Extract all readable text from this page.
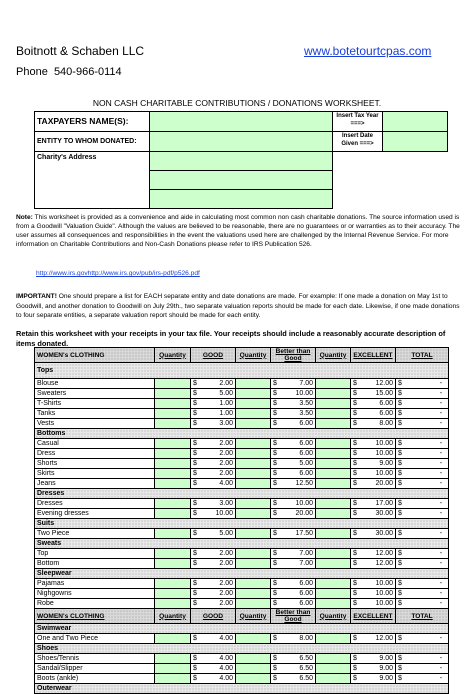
Boitnott & Schaben LLC	www.botetourtcpas.com
Phone 540-966-0114
NON CASH CHARITABLE CONTRIBUTIONS / DONATIONS WORKSHEET.
TAXPAYERS NAME(S):		Insert Tax Year ===>	
ENTITY TO WHOM DONATED:		Insert Date Given ===>	
Charity's Address			

Note: This worksheet is provided as a convenience and aide in calculating most common non cash charitable donations. The source information used is from a Goodwill "Valuation Guide". Although the values are believed to be reasonable, there are no guarantees or or warranties as to their accuracy. The user assumes all consequences and responsibilities in the event the valuations used here are challenged by the Internal Revenue Service. For more information on Charitable Contributions and Non-Cash Donations please refer to IRS Publication 526.
http://www.irs.govhttp://www.irs.gov/pub/irs-pdf/p526.pdf
IMPORTANT! One should prepare a list for EACH separate entity and date donations are made. For example: If one made a donation on May 1st to Goodwill, and another donation to Goodwill on July 29th., two separate valuation reports should be made for each date. Likewise, if one made donations to four separate entities, a separate valuation report should be made for each entity.
Retain this worksheet with your receipts in your tax file. Your receipts should include a reasonably accurate description of items donated.
WOMEN's CLOTHING	Quantity	GOOD	Quantity	Better than Good	Quantity	EXCELLENT	TOTAL
Tops							
Blouse		$ 2.00		$ 7.00		$ 12.00	$ -
Sweaters		$ 5.00		$ 10.00		$ 15.00	$ -
T-Shirts		$ 1.00		$ 3.50		$ 6.00	$ -
Tanks		$ 1.00		$ 3.50		$ 6.00	$ -
Vests		$ 3.00		$ 6.00		$ 8.00	$ -
Bottoms							
Casual		$ 2.00		$ 6.00		$ 10.00	$ -
Dress		$ 2.00		$ 6.00		$ 10.00	$ -
Shorts		$ 2.00		$ 5.00		$ 9.00	$ -
Skirts		$ 2.00		$ 6.00		$ 10.00	$ -
Jeans		$ 4.00		$ 12.50		$ 20.00	$ -
Dresses							
Dresses		$ 3.00		$ 10.00		$ 17.00	$ -
Evening dresses		$ 10.00		$ 20.00		$ 30.00	$ -
Suits							
Two Piece		$ 5.00		$ 17.50		$ 30.00	$ -
Sweats							
Top		$ 2.00		$ 7.00		$ 12.00	$ -
Bottom		$ 2.00		$ 7.00		$ 12.00	$ -
Sleepwear							
Pajamas		$ 2.00		$ 6.00		$ 10.00	$ -
Nighgowns		$ 2.00		$ 6.00		$ 10.00	$ -
Robe		$ 2.00		$ 6.00		$ 10.00	$ -
WOMEN's CLOTHING	Quantity	GOOD	Quantity	Better than Good	Quantity	EXCELLENT	TOTAL
Swimwear							
One and Two Piece		$ 4.00		$ 8.00		$ 12.00	$ -
Shoes							
Shoes/Tennis		$ 4.00		$ 6.50		$ 9.00	$ -
Sandal/Slipper		$ 4.00		$ 6.50		$ 9.00	$ -
Boots (ankle)		$ 4.00		$ 6.50		$ 9.00	$ -
Outerwear							
